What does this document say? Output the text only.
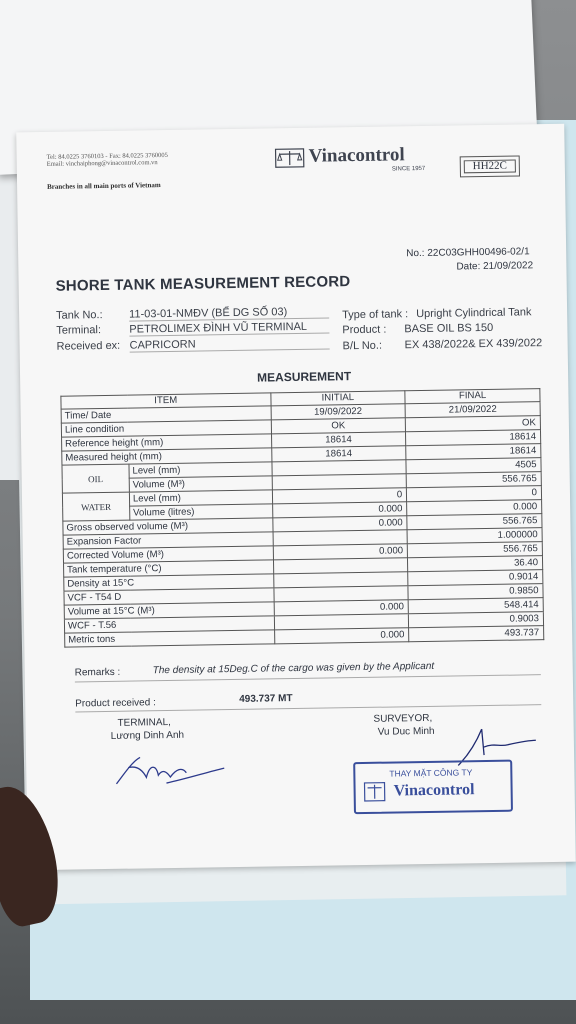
Tel: 84.0225 3760103 - Fax: 84.0225 3760005
Email: vinchaiphong@vinacontrol.com.vn
Branches in all main ports of Vietnam
Vinacontrol
SINCE 1957	HH22C
No.: 22C03GHH00496-02/1
Date: 21/09/2022
SHORE TANK MEASUREMENT RECORD
Tank No.: 11-03-01-NMĐV (BỂ DG SỐ 03)
Terminal:	PETROLIMEX ĐÌNH VŨ TERMINAL
Received ex: CAPRICORN
Type of tank : Upright Cylindrical Tank
Product : BASE OIL BS 150
B/L No.: EX 438/2022& EX 439/2022
MEASUREMENT
ITEM		INITIAL	FINAL
Time/ Date		19/09/2022	21/09/2022
Line condition		OK	OK
Reference height (mm)		18614	18614
Measured height (mm)		18614	18614
OIL	Level (mm)		4505
	Volume (M³)		556.765
WATER	Level (mm)	0	0
	Volume (litres)	0.000	0.000
Gross observed volume (M³)		0.000	556.765
Expansion Factor			1.000000
Corrected Volume (M³)		0.000	556.765
Tank temperature (°C)			36.40
Density at 15°C			0.9014
VCF - T54 D			0.9850
Volume at 15°C (M³)		0.000	548.414
WCF - T.56			0.9003
Metric tons		0.000	493.737
Remarks :	The density at 15Deg.C of the cargo was given by the Applicant
Product received :	493.737 MT
TERMINAL,
Lương Dinh Anh
SURVEYOR,
Vu Duc Minh
THAY MẶT CÔNG TY
Vinacontrol
